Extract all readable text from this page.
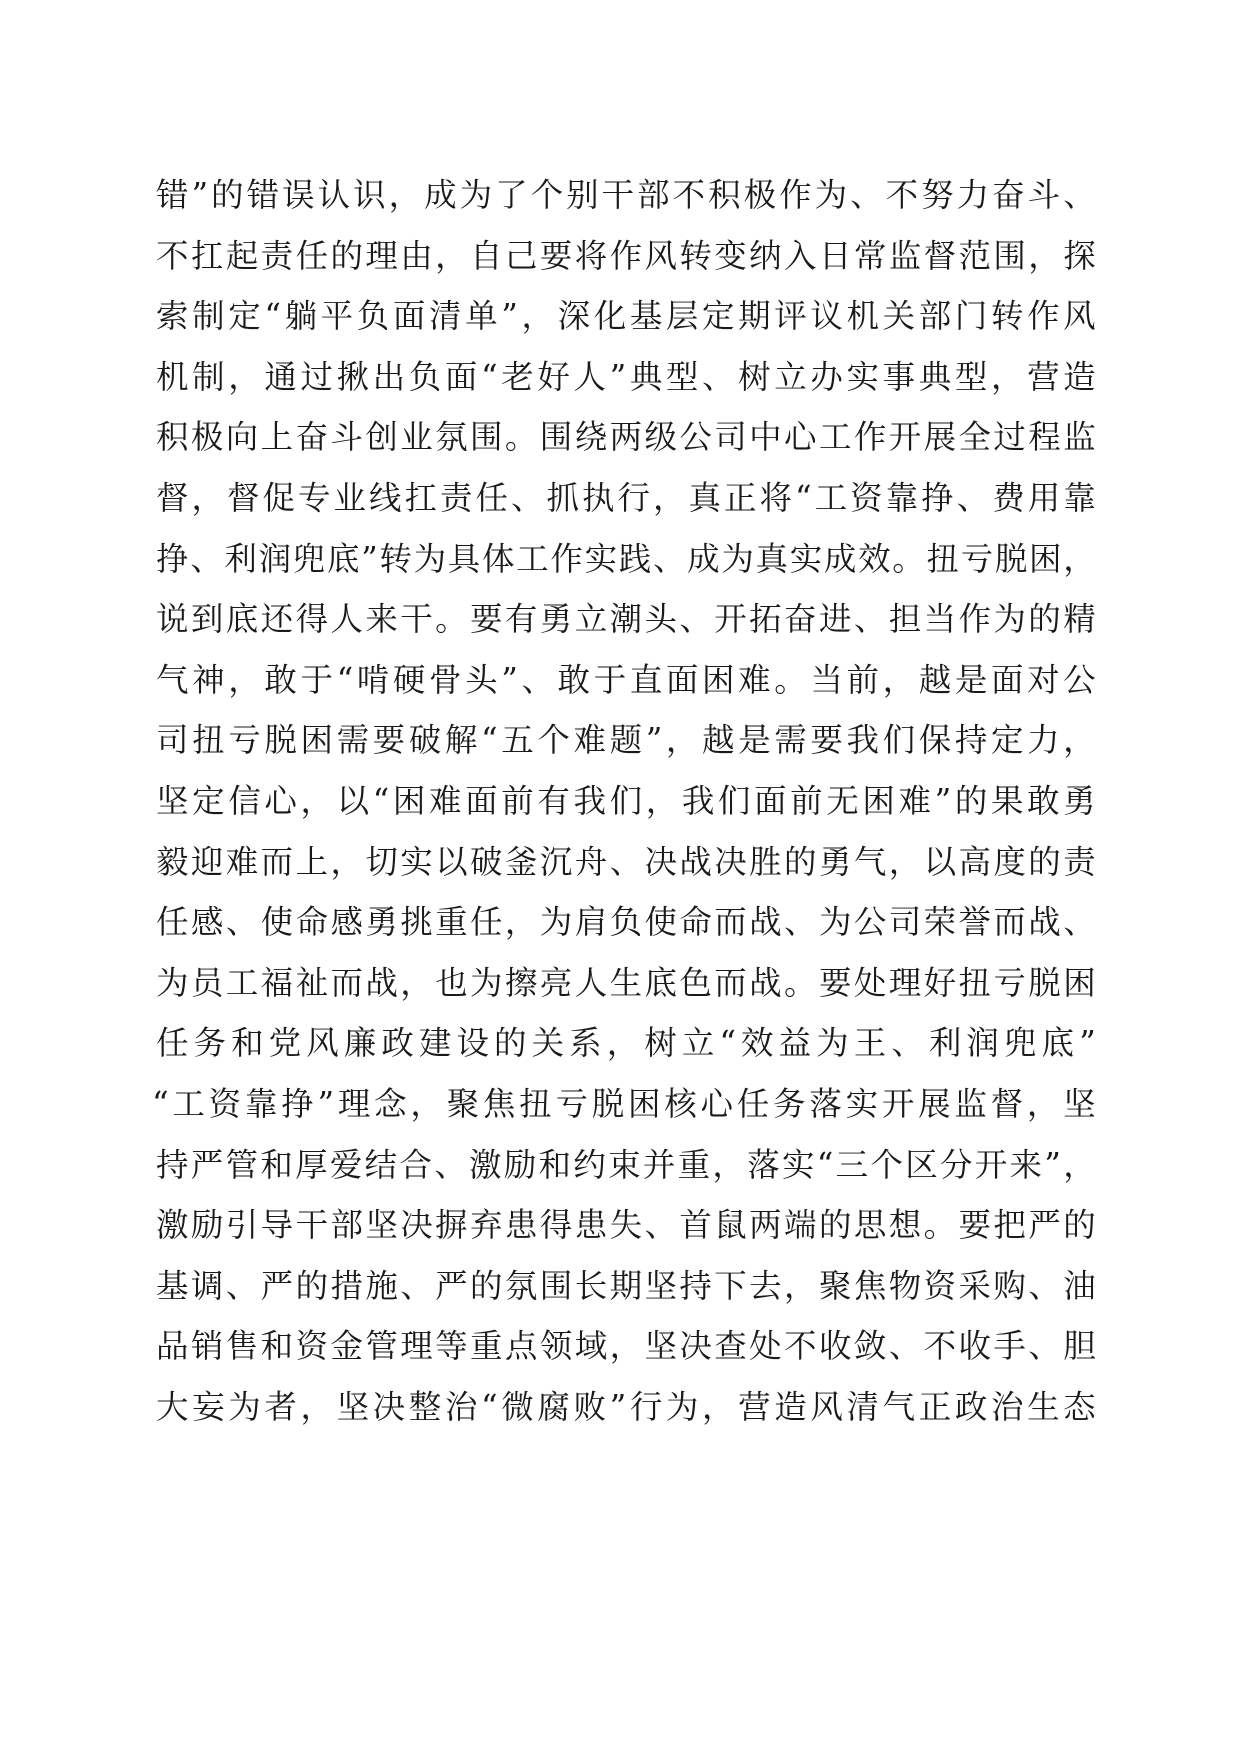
错”的错误认识，成为了个别干部不积极作为、不努力奋斗、
不扛起责任的理由，自己要将作风转变纳入日常监督范围，探
索制定“躺平负面清单”，深化基层定期评议机关部门转作风
机制，通过揪出负面“老好人”典型、树立办实事典型，营造
积极向上奋斗创业氛围。围绕两级公司中心工作开展全过程监
督，督促专业线扛责任、抓执行，真正将“工资靠挣、费用靠
挣、利润兜底”转为具体工作实践、成为真实成效。扭亏脱困，
说到底还得人来干。要有勇立潮头、开拓奋进、担当作为的精
气神，敢于“啃硬骨头”、敢于直面困难。当前，越是面对公
司扭亏脱困需要破解“五个难题”，越是需要我们保持定力，
坚定信心，以“困难面前有我们，我们面前无困难”的果敢勇
毅迎难而上，切实以破釜沉舟、决战决胜的勇气，以高度的责
任感、使命感勇挑重任，为肩负使命而战、为公司荣誉而战、
为员工福祉而战，也为擦亮人生底色而战。要处理好扭亏脱困
任务和党风廉政建设的关系，树立“效益为王、利润兜底”
“工资靠挣”理念，聚焦扭亏脱困核心任务落实开展监督，坚
持严管和厚爱结合、激励和约束并重，落实“三个区分开来”，
激励引导干部坚决摒弃患得患失、首鼠两端的思想。要把严的
基调、严的措施、严的氛围长期坚持下去，聚焦物资采购、油
品销售和资金管理等重点领域，坚决查处不收敛、不收手、胆
大妄为者，坚决整治“微腐败”行为，营造风清气正政治生态
